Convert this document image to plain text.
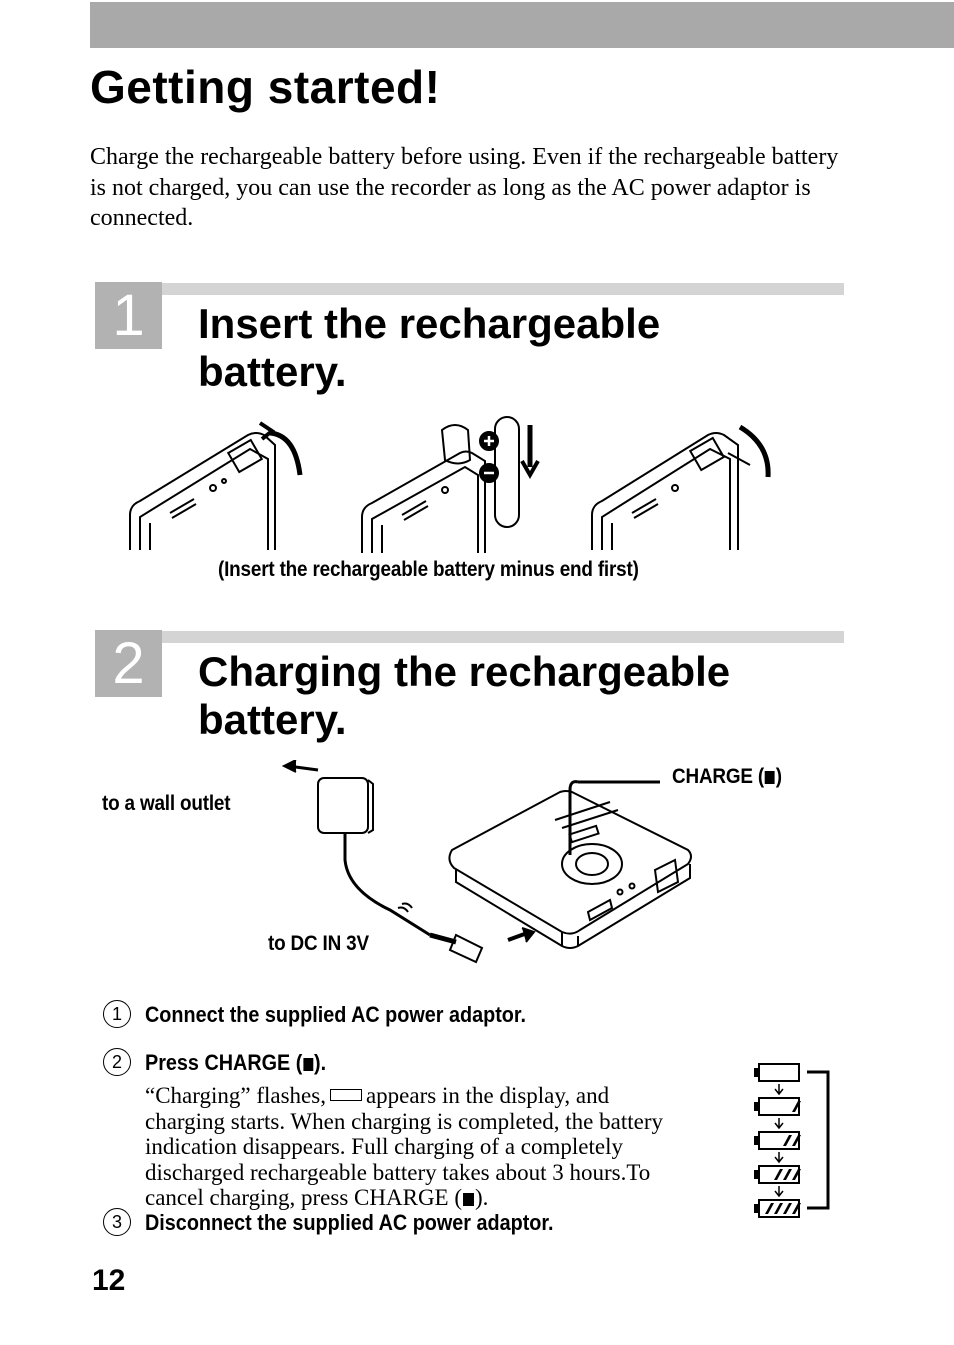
Getting started!
Charge the rechargeable battery before using. Even if the rechargeable battery is not charged, you can use the recorder as long as the AC power adaptor is connected.
1	Insert the rechargeable
battery.
(Insert the rechargeable battery minus end first)
2	Charging the rechargeable
battery.
to a wall outlet
to DC IN 3V
CHARGE ( )
1	Connect the supplied AC power adaptor.
2	Press CHARGE ( ).
“Charging” flashes, appears in the display, and
charging starts. When charging is completed, the battery
indication disappears. Full charging of a completely
discharged rechargeable battery takes about 3 hours.To
cancel charging, press CHARGE ( ).
3	Disconnect the supplied AC power adaptor.
12
